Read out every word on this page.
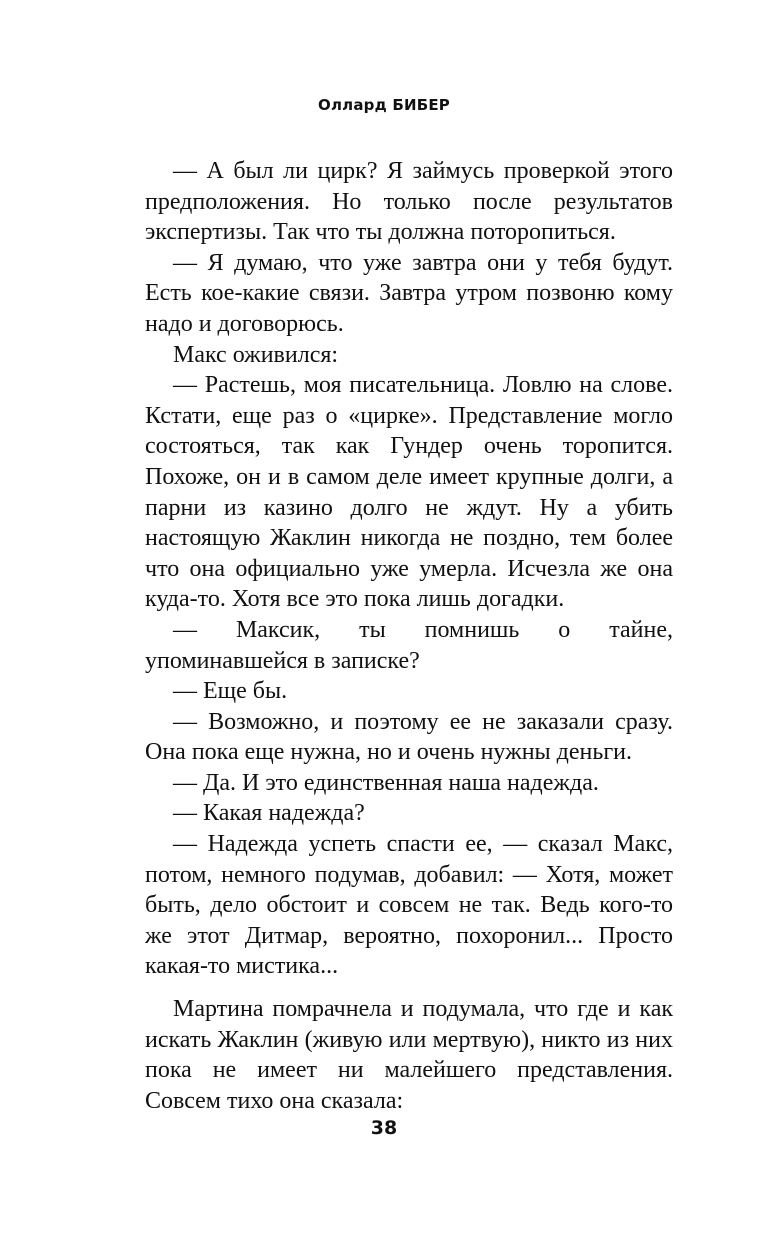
Оллард БИБЕР

— А был ли цирк? Я займусь проверкой этого предположения. Но только после результатов экспертизы. Так что ты должна поторопиться.

— Я думаю, что уже завтра они у тебя будут. Есть кое-какие связи. Завтра утром позвоню кому надо и договорюсь.

Макс оживился:

— Растешь, моя писательница. Ловлю на слове. Кстати, еще раз о «цирке». Представление могло состояться, так как Гундер очень торопится. Похоже, он и в самом деле имеет крупные долги, а парни из казино долго не ждут. Ну а убить настоящую Жаклин никогда не поздно, тем более что она официально уже умерла. Исчезла же она куда-то. Хотя все это пока лишь догадки.

— Максик, ты помнишь о тайне, упоминавшейся в записке?

— Еще бы.

— Возможно, и поэтому ее не заказали сразу. Она пока еще нужна, но и очень нужны деньги.

— Да. И это единственная наша надежда.

— Какая надежда?

— Надежда успеть спасти ее, — сказал Макс, потом, немного подумав, добавил: — Хотя, может быть, дело обстоит и совсем не так. Ведь кого-то же этот Дитмар, вероятно, похоронил... Просто какая-то мистика...

Мартина помрачнела и подумала, что где и как искать Жаклин (живую или мертвую), никто из них пока не имеет ни малейшего представления. Совсем тихо она сказала:

38
